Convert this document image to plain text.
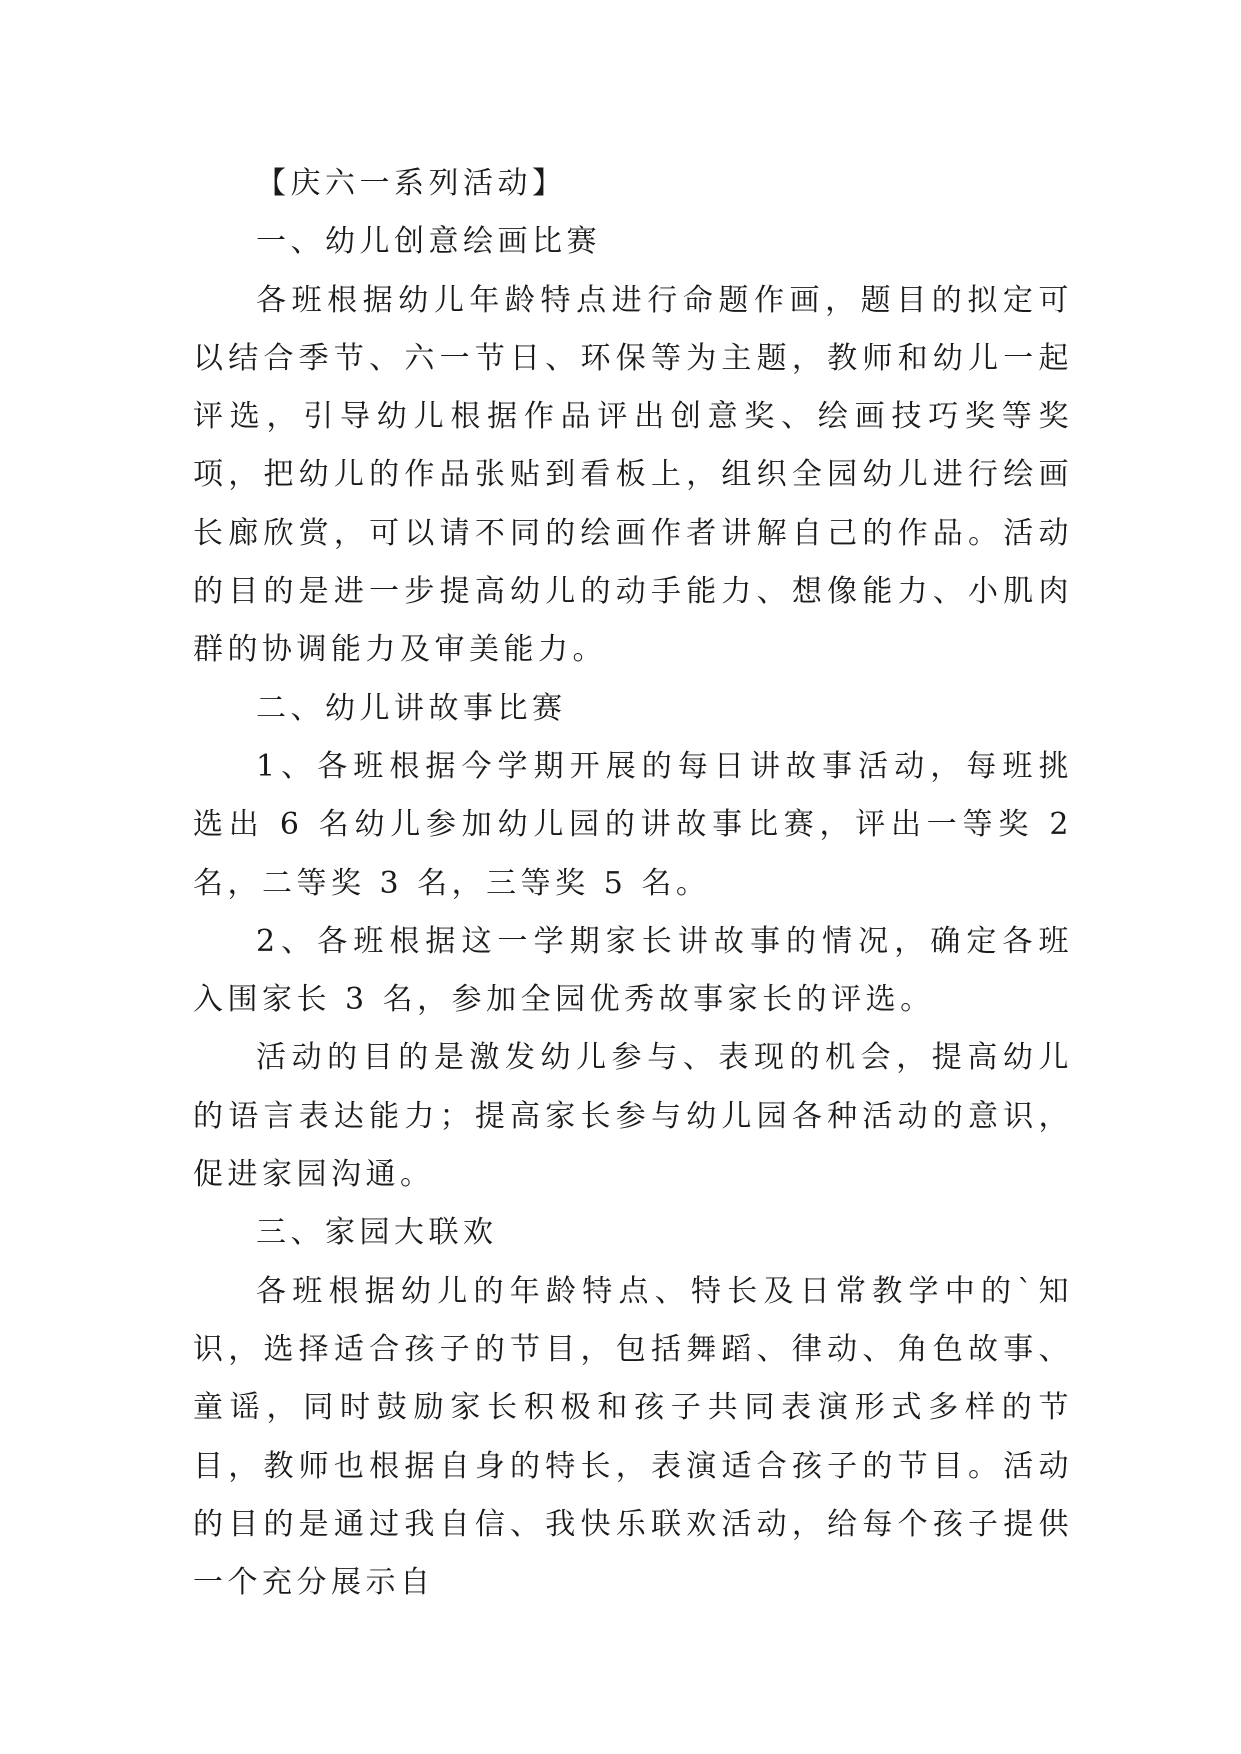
【庆六一系列活动】

一、幼儿创意绘画比赛

各班根据幼儿年龄特点进行命题作画，题目的拟定可以结合季节、六一节日、环保等为主题，教师和幼儿一起评选，引导幼儿根据作品评出创意奖、绘画技巧奖等奖项，把幼儿的作品张贴到看板上，组织全园幼儿进行绘画长廊欣赏，可以请不同的绘画作者讲解自己的作品。活动的目的是进一步提高幼儿的动手能力、想像能力、小肌肉群的协调能力及审美能力。

二、幼儿讲故事比赛

1、各班根据今学期开展的每日讲故事活动，每班挑选出 6 名幼儿参加幼儿园的讲故事比赛，评出一等奖 2 名，二等奖 3 名，三等奖 5 名。

2、各班根据这一学期家长讲故事的情况，确定各班入围家长 3 名，参加全园优秀故事家长的评选。

活动的目的是激发幼儿参与、表现的机会，提高幼儿的语言表达能力；提高家长参与幼儿园各种活动的意识，促进家园沟通。

三、家园大联欢

各班根据幼儿的年龄特点、特长及日常教学中的`知识，选择适合孩子的节目，包括舞蹈、律动、角色故事、童谣，同时鼓励家长积极和孩子共同表演形式多样的节目，教师也根据自身的特长，表演适合孩子的节目。活动的目的是通过我自信、我快乐联欢活动，给每个孩子提供一个充分展示自
